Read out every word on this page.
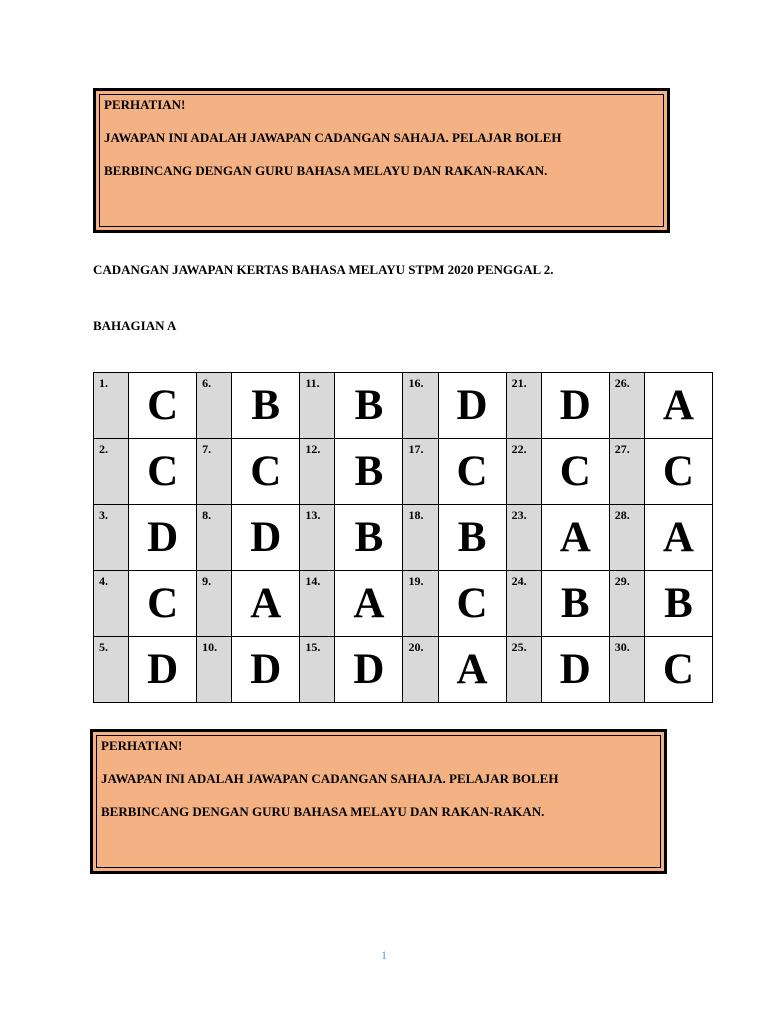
PERHATIAN!

JAWAPAN INI ADALAH JAWAPAN CADANGAN SAHAJA. PELAJAR BOLEH

BERBINCANG DENGAN GURU BAHASA MELAYU DAN RAKAN-RAKAN.

CADANGAN JAWAPAN KERTAS BAHASA MELAYU STPM 2020 PENGGAL 2.
BAHAGIAN A
1.	C	6.	B	11.	B	16.	D	21.	D	26.	A
2.	C	7.	C	12.	B	17.	C	22.	C	27.	C
3.	D	8.	D	13.	B	18.	B	23.	A	28.	A
4.	C	9.	A	14.	A	19.	C	24.	B	29.	B
5.	D	10.	D	15.	D	20.	A	25.	D	30.	C

PERHATIAN!

JAWAPAN INI ADALAH JAWAPAN CADANGAN SAHAJA. PELAJAR BOLEH

BERBINCANG DENGAN GURU BAHASA MELAYU DAN RAKAN-RAKAN.

1
